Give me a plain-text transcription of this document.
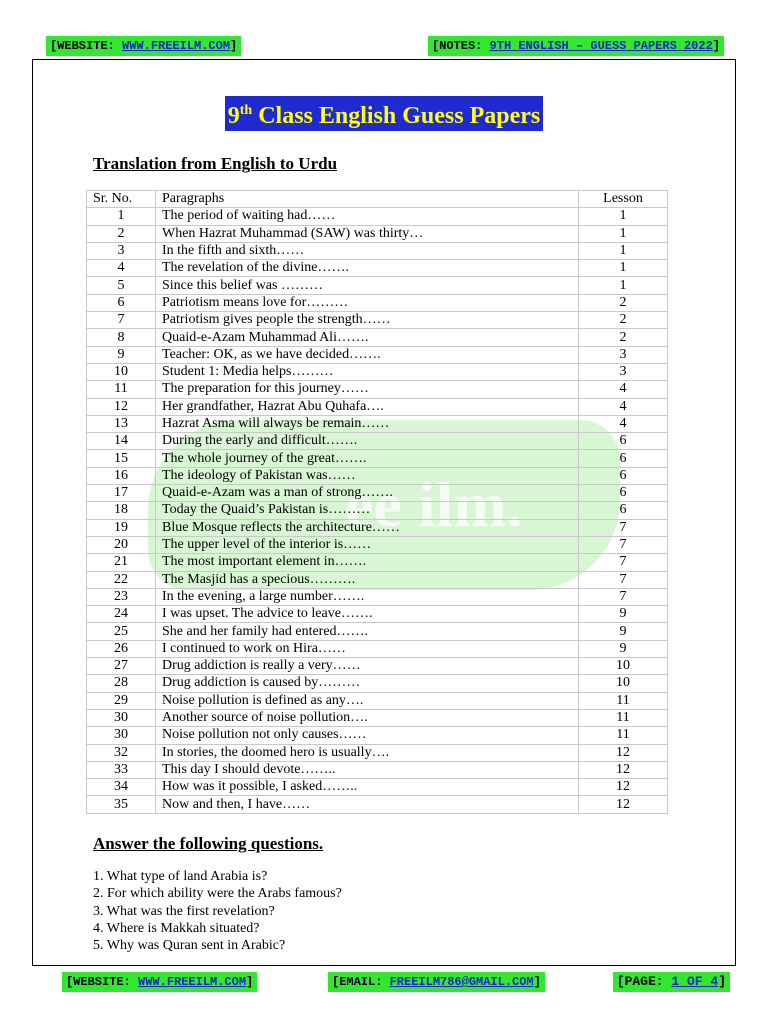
[WEBSITE: WWW.FREEILM.COM]	[NOTES: 9TH ENGLISH – GUESS PAPERS 2022]
ee ilm.
9th Class English Guess Papers
Translation from English to Urdu
Sr. No.	Paragraphs	Lesson
1	The period of waiting had……	1
2	When Hazrat Muhammad (SAW) was thirty…	1
3	In the fifth and sixth……	1
4	The revelation of the divine…….	1
5	Since this belief was ………	1
6	Patriotism means love for………	2
7	Patriotism gives people the strength……	2
8	Quaid-e-Azam Muhammad Ali…….	2
9	Teacher: OK, as we have decided…….	3
10	Student 1: Media helps………	3
11	The preparation for this journey……	4
12	Her grandfather, Hazrat Abu Quhafa….	4
13	Hazrat Asma will always be remain……	4
14	During the early and difficult…….	6
15	The whole journey of the great…….	6
16	The ideology of Pakistan was……	6
17	Quaid-e-Azam was a man of strong…….	6
18	Today the Quaid’s Pakistan is………	6
19	Blue Mosque reflects the architecture……	7
20	The upper level of the interior is……	7
21	The most important element in…….	7
22	The Masjid has a specious……….	7
23	In the evening, a large number…….	7
24	I was upset. The advice to leave…….	9
25	She and her family had entered…….	9
26	I continued to work on Hira……	9
27	Drug addiction is really a very……	10
28	Drug addiction is caused by………	10
29	Noise pollution is defined as any….	11
30	Another source of noise pollution….	11
30	Noise pollution not only causes……	11
32	In stories, the doomed hero is usually….	12
33	This day I should devote……..	12
34	How was it possible, I asked……..	12
35	Now and then, I have……	12
Answer the following questions.
1. What type of land Arabia is?
2. For which ability were the Arabs famous?
3. What was the first revelation?
4. Where is Makkah situated?
5. Why was Quran sent in Arabic?
[WEBSITE: WWW.FREEILM.COM]	[EMAIL: FREEILM786@GMAIL.COM]	[PAGE: 1 OF 4]
